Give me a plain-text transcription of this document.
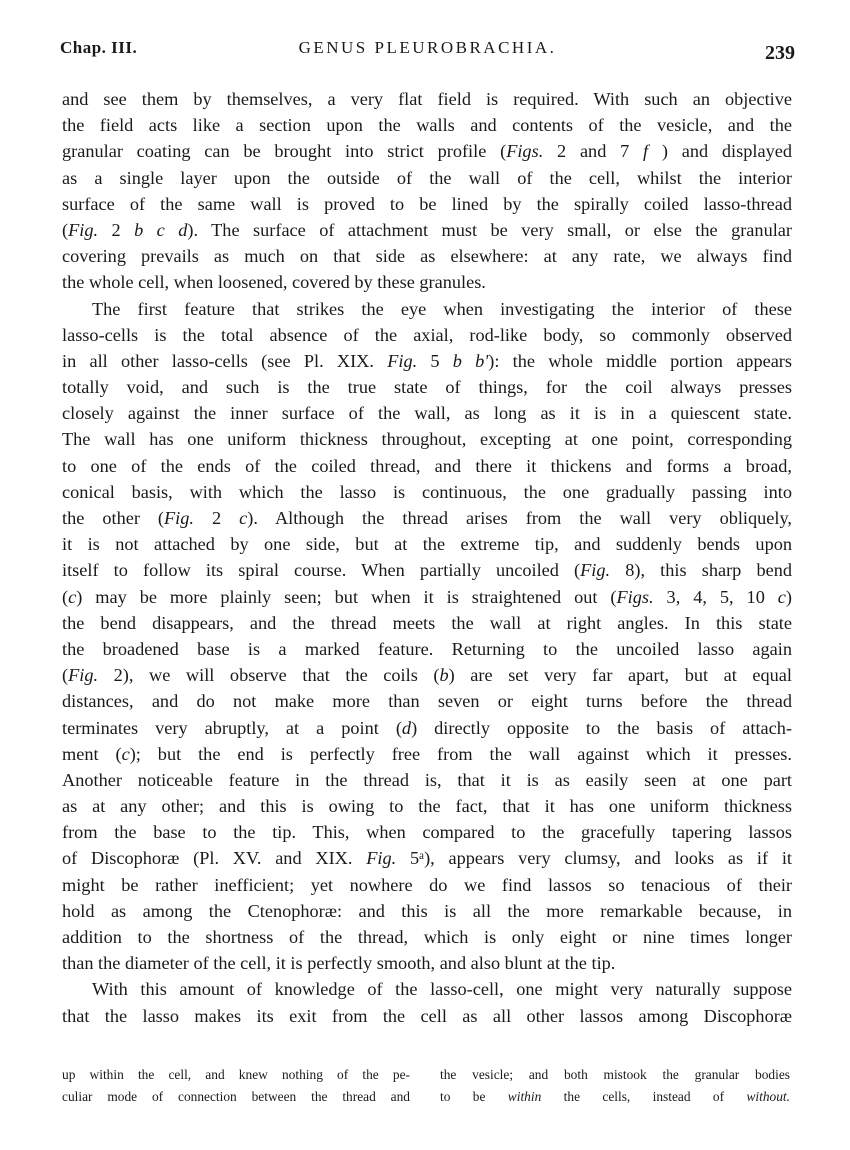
Chap. III.	GENUS PLEUROBRACHIA.	239
and see them by themselves, a very flat field is required. With such an objective
the field acts like a section upon the walls and contents of the vesicle, and the
granular coating can be brought into strict profile (Figs. 2 and 7 f ) and displayed
as a single layer upon the outside of the wall of the cell, whilst the interior
surface of the same wall is proved to be lined by the spirally coiled lasso-thread
(Fig. 2 b c d). The surface of attachment must be very small, or else the granular
covering prevails as much on that side as elsewhere: at any rate, we always find
the whole cell, when loosened, covered by these granules.
The first feature that strikes the eye when investigating the interior of these
lasso-cells is the total absence of the axial, rod-like body, so commonly observed
in all other lasso-cells (see Pl. XIX. Fig. 5 b b'): the whole middle portion appears
totally void, and such is the true state of things, for the coil always presses
closely against the inner surface of the wall, as long as it is in a quiescent state.
The wall has one uniform thickness throughout, excepting at one point, corresponding
to one of the ends of the coiled thread, and there it thickens and forms a broad,
conical basis, with which the lasso is continuous, the one gradually passing into
the other (Fig. 2 c). Although the thread arises from the wall very obliquely,
it is not attached by one side, but at the extreme tip, and suddenly bends upon
itself to follow its spiral course. When partially uncoiled (Fig. 8), this sharp bend
(c) may be more plainly seen; but when it is straightened out (Figs. 3, 4, 5, 10 c)
the bend disappears, and the thread meets the wall at right angles. In this state
the broadened base is a marked feature. Returning to the uncoiled lasso again
(Fig. 2), we will observe that the coils (b) are set very far apart, but at equal
distances, and do not make more than seven or eight turns before the thread
terminates very abruptly, at a point (d) directly opposite to the basis of attach-
ment (c); but the end is perfectly free from the wall against which it presses.
Another noticeable feature in the thread is, that it is as easily seen at one part
as at any other; and this is owing to the fact, that it has one uniform thickness
from the base to the tip. This, when compared to the gracefully tapering lassos
of Discophoræ (Pl. XV. and XIX. Fig. 5ᵃ), appears very clumsy, and looks as if it
might be rather inefficient; yet nowhere do we find lassos so tenacious of their
hold as among the Ctenophoræ: and this is all the more remarkable because, in
addition to the shortness of the thread, which is only eight or nine times longer
than the diameter of the cell, it is perfectly smooth, and also blunt at the tip.
With this amount of knowledge of the lasso-cell, one might very naturally suppose
that the lasso makes its exit from the cell as all other lassos among Discophoræ
up within the cell, and knew nothing of the pe-
culiar mode of connection between the thread and
the vesicle; and both mistook the granular bodies
to be within the cells, instead of without.
